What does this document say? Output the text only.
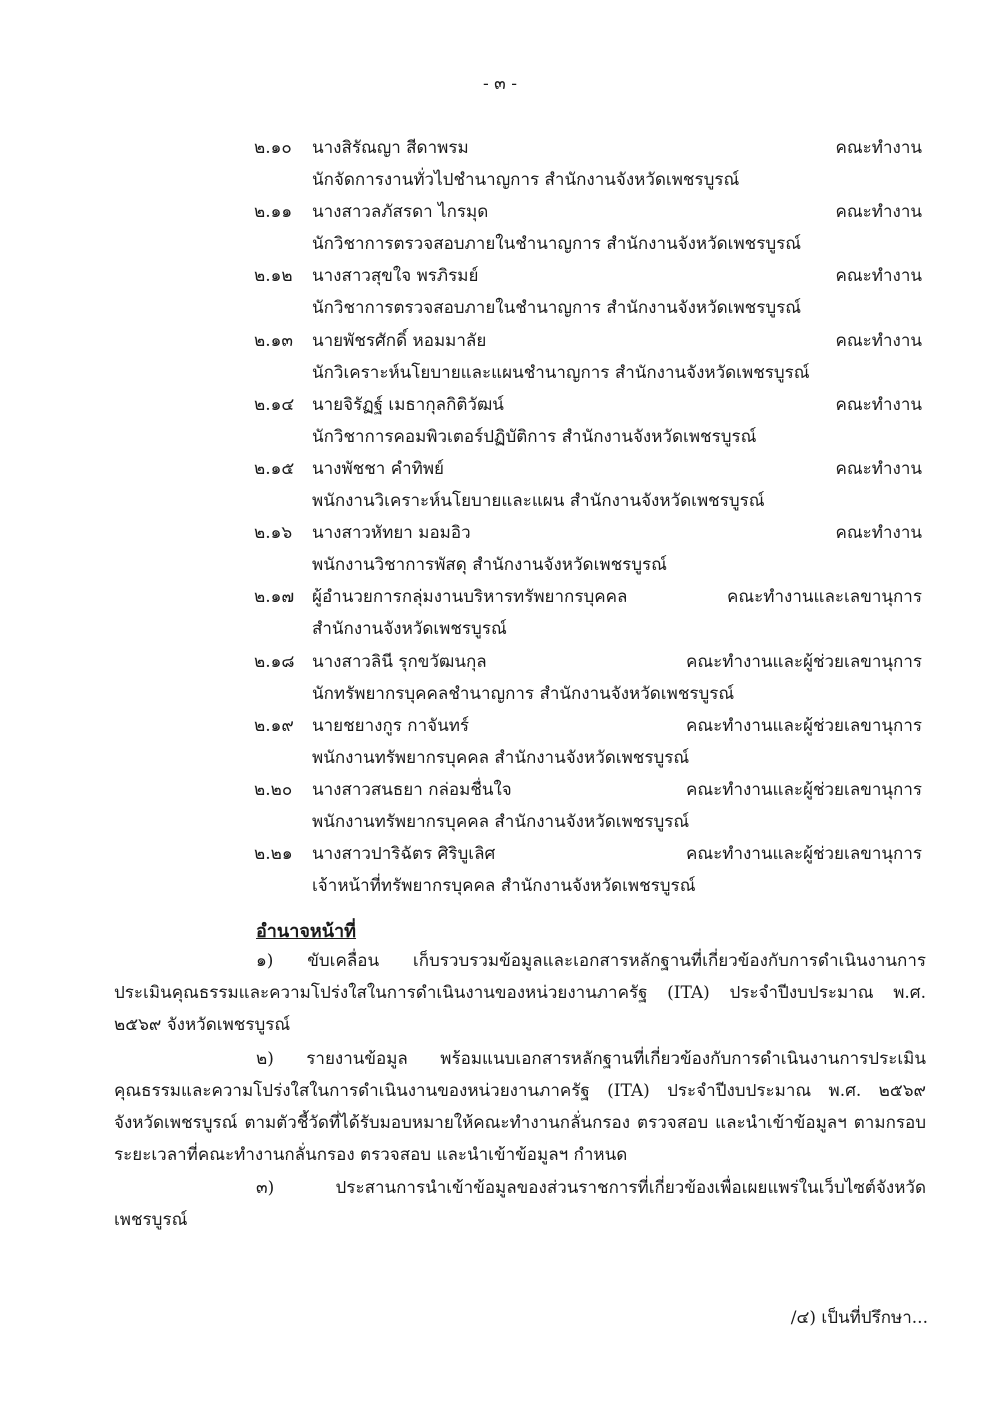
- ๓ -
๒.๑๐ นางสิรัณญา สีดาพรม	คณะทำงาน
นักจัดการงานทั่วไปชำนาญการ สำนักงานจังหวัดเพชรบูรณ์
๒.๑๑ นางสาวลภัสรดา ไกรมุด	คณะทำงาน
นักวิชาการตรวจสอบภายในชำนาญการ สำนักงานจังหวัดเพชรบูรณ์
๒.๑๒ นางสาวสุขใจ พรภิรมย์	คณะทำงาน
นักวิชาการตรวจสอบภายในชำนาญการ สำนักงานจังหวัดเพชรบูรณ์
๒.๑๓ นายพัชรศักดิ์ หอมมาลัย	คณะทำงาน
นักวิเคราะห์นโยบายและแผนชำนาญการ สำนักงานจังหวัดเพชรบูรณ์
๒.๑๔ นายจิรัฏฐ์ เมธากุลกิติวัฒน์	คณะทำงาน
นักวิชาการคอมพิวเตอร์ปฏิบัติการ สำนักงานจังหวัดเพชรบูรณ์
๒.๑๕ นางพัชชา คำทิพย์	คณะทำงาน
พนักงานวิเคราะห์นโยบายและแผน สำนักงานจังหวัดเพชรบูรณ์
๒.๑๖ นางสาวหัทยา มอมอิว	คณะทำงาน
พนักงานวิชาการพัสดุ สำนักงานจังหวัดเพชรบูรณ์
๒.๑๗ ผู้อำนวยการกลุ่มงานบริหารทรัพยากรบุคคล	คณะทำงานและเลขานุการ
สำนักงานจังหวัดเพชรบูรณ์
๒.๑๘ นางสาวลินี รุกขวัฒนกุล	คณะทำงานและผู้ช่วยเลขานุการ
นักทรัพยากรบุคคลชำนาญการ สำนักงานจังหวัดเพชรบูรณ์
๒.๑๙ นายชยางกูร กาจันทร์	คณะทำงานและผู้ช่วยเลขานุการ
พนักงานทรัพยากรบุคคล สำนักงานจังหวัดเพชรบูรณ์
๒.๒๐ นางสาวสนธยา กล่อมชื่นใจ	คณะทำงานและผู้ช่วยเลขานุการ
พนักงานทรัพยากรบุคคล สำนักงานจังหวัดเพชรบูรณ์
๒.๒๑ นางสาวปาริฉัตร ศิริบูเลิศ	คณะทำงานและผู้ช่วยเลขานุการ
เจ้าหน้าที่ทรัพยากรบุคคล สำนักงานจังหวัดเพชรบูรณ์
อำนาจหน้าที่
๑) ขับเคลื่อน เก็บรวบรวมข้อมูลและเอกสารหลักฐานที่เกี่ยวข้องกับการดำเนินงานการประเมินคุณธรรมและความโปร่งใสในการดำเนินงานของหน่วยงานภาครัฐ (ITA) ประจำปีงบประมาณ พ.ศ. ๒๕๖๙ จังหวัดเพชรบูรณ์
๒) รายงานข้อมูล พร้อมแนบเอกสารหลักฐานที่เกี่ยวข้องกับการดำเนินงานการประเมินคุณธรรมและความโปร่งใสในการดำเนินงานของหน่วยงานภาครัฐ (ITA) ประจำปีงบประมาณ พ.ศ. ๒๕๖๙ จังหวัดเพชรบูรณ์ ตามตัวชี้วัดที่ได้รับมอบหมายให้คณะทำงานกลั่นกรอง ตรวจสอบ และนำเข้าข้อมูลฯ ตามกรอบระยะเวลาที่คณะทำงานกลั่นกรอง ตรวจสอบ และนำเข้าข้อมูลฯ กำหนด
๓) ประสานการนำเข้าข้อมูลของส่วนราชการที่เกี่ยวข้องเพื่อเผยแพร่ในเว็บไซต์จังหวัดเพชรบูรณ์
/๔) เป็นที่ปรึกษา...
